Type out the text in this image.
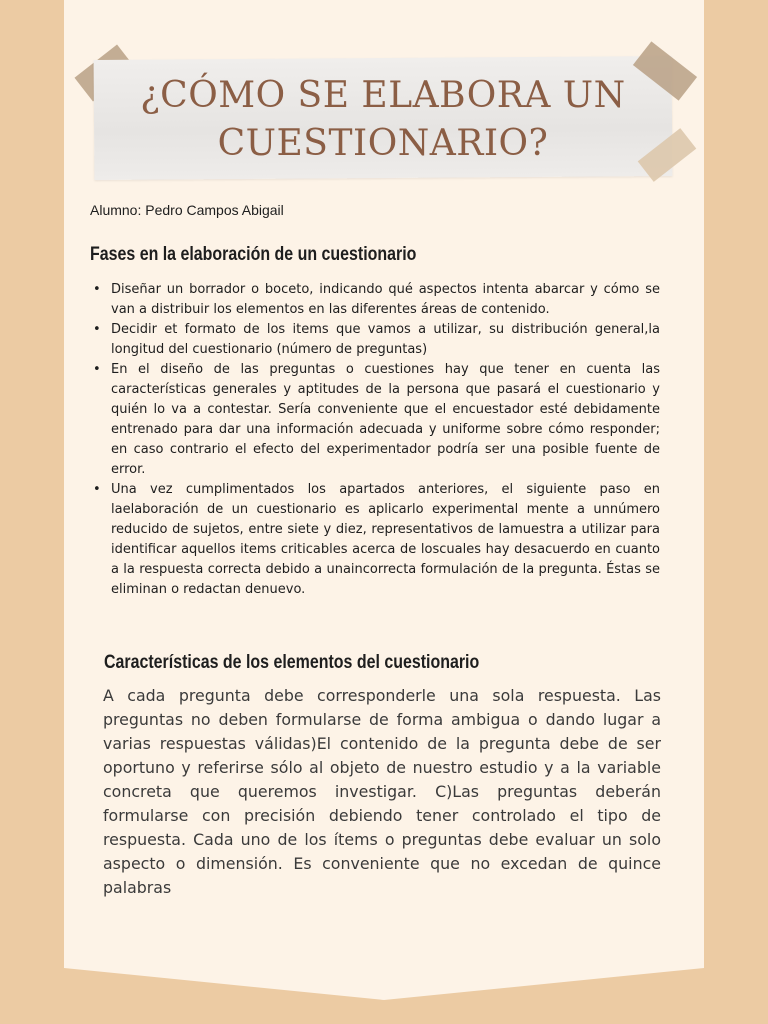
¿CÓMO SE ELABORA UN CUESTIONARIO?
Alumno: Pedro Campos Abigail
Fases en la elaboración de un cuestionario
• Diseñar un borrador o boceto, indicando qué aspectos intenta abarcar y cómo se van a distribuir los elementos en las diferentes áreas de contenido.
• Decidir et formato de los items que vamos a utilizar, su distribución general,la longitud del cuestionario (número de preguntas)
• En el diseño de las preguntas o cuestiones hay que tener en cuenta las características generales y aptitudes de la persona que pasará el cuestionario y quién lo va a contestar. Sería conveniente que el encuestador esté debidamente entrenado para dar una información adecuada y uniforme sobre cómo responder; en caso contrario el efecto del experimentador podría ser una posible fuente de error.
• Una vez cumplimentados los apartados anteriores, el siguiente paso en laelaboración de un cuestionario es aplicarlo experimental mente a unnúmero reducido de sujetos, entre siete y diez, representativos de lamuestra a utilizar para identificar aquellos items criticables acerca de loscuales hay desacuerdo en cuanto a la respuesta correcta debido a unaincorrecta formulación de la pregunta. Éstas se eliminan o redactan denuevo.
Características de los elementos del cuestionario

A cada pregunta debe corresponderle una sola respuesta. Las preguntas no deben formularse de forma ambigua o dando lugar a varias respuestas válidas)El contenido de la pregunta debe de ser oportuno y referirse sólo al objeto de nuestro estudio y a la variable concreta que queremos investigar. C)Las preguntas deberán formularse con precisión debiendo tener controlado el tipo de respuesta. Cada uno de los ítems o preguntas debe evaluar un solo aspecto o dimensión. Es conveniente que no excedan de quince palabras
